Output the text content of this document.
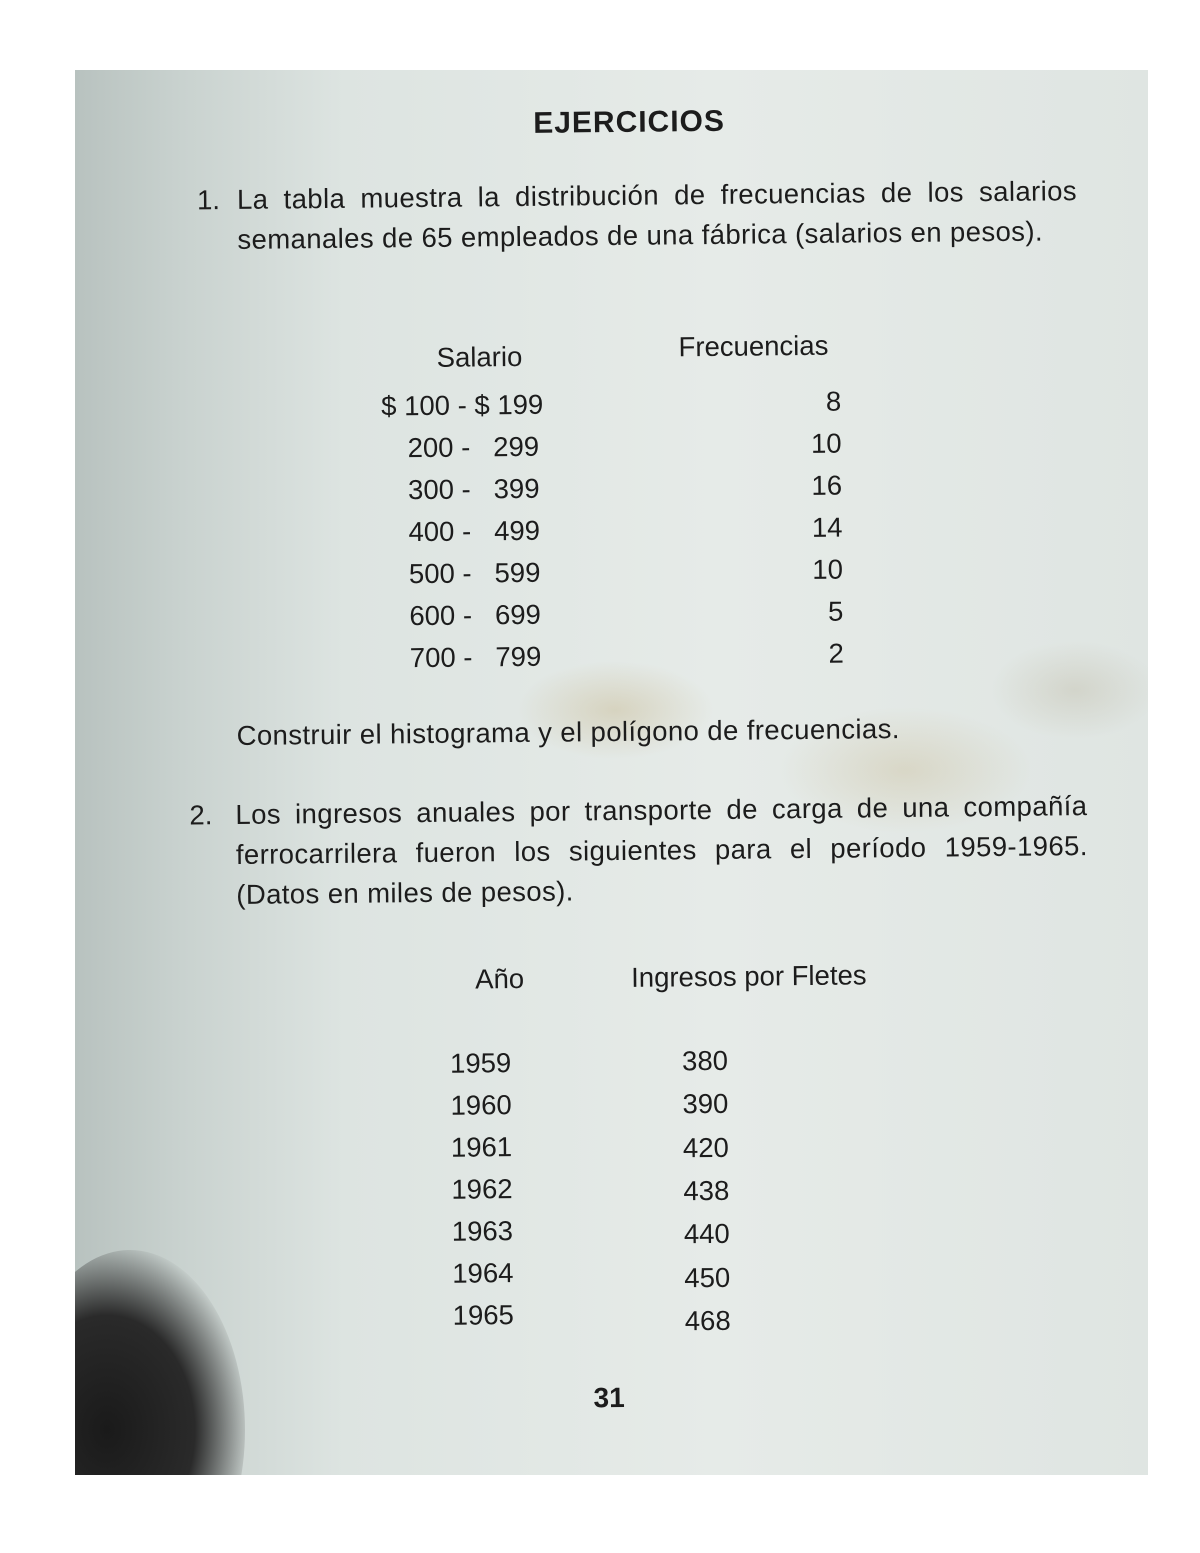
EJERCICIOS
1. La tabla muestra la distribución de frecuencias de los salarios semanales de 65 empleados de una fábrica (salarios en pesos).
Salario	Frecuencias
$ 100 - $ 199	8
200 -   299	10
300 -   399	16
400 -   499	14
500 -   599	10
600 -   699	5
700 -   799	2
Construir el histograma y el polígono de frecuencias.
2. Los ingresos anuales por transporte de carga de una compañía ferrocarrilera fueron los siguientes para el período 1959-1965. (Datos en miles de pesos).
Año	Ingresos por Fletes
1959	380
1960	390
1961	420
1962	438
1963	440
1964	450
1965	468
31
